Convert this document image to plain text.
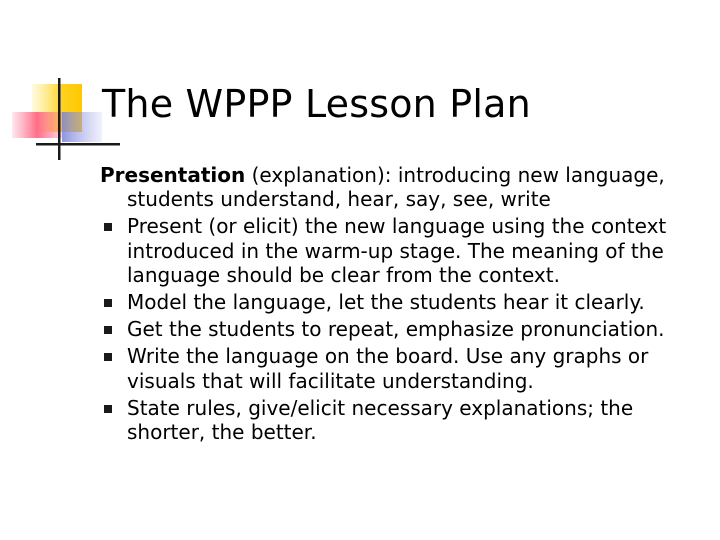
The WPPP Lesson Plan

Presentation (explanation): introducing new language, students understand, hear, say, see, write

Present (or elicit) the new language using the context introduced in the warm-up stage. The meaning of the language should be clear from the context.
Model the language, let the students hear it clearly.
Get the students to repeat, emphasize pronunciation.
Write the language on the board. Use any graphs or visuals that will facilitate understanding.
State rules, give/elicit necessary explanations; the shorter, the better.
